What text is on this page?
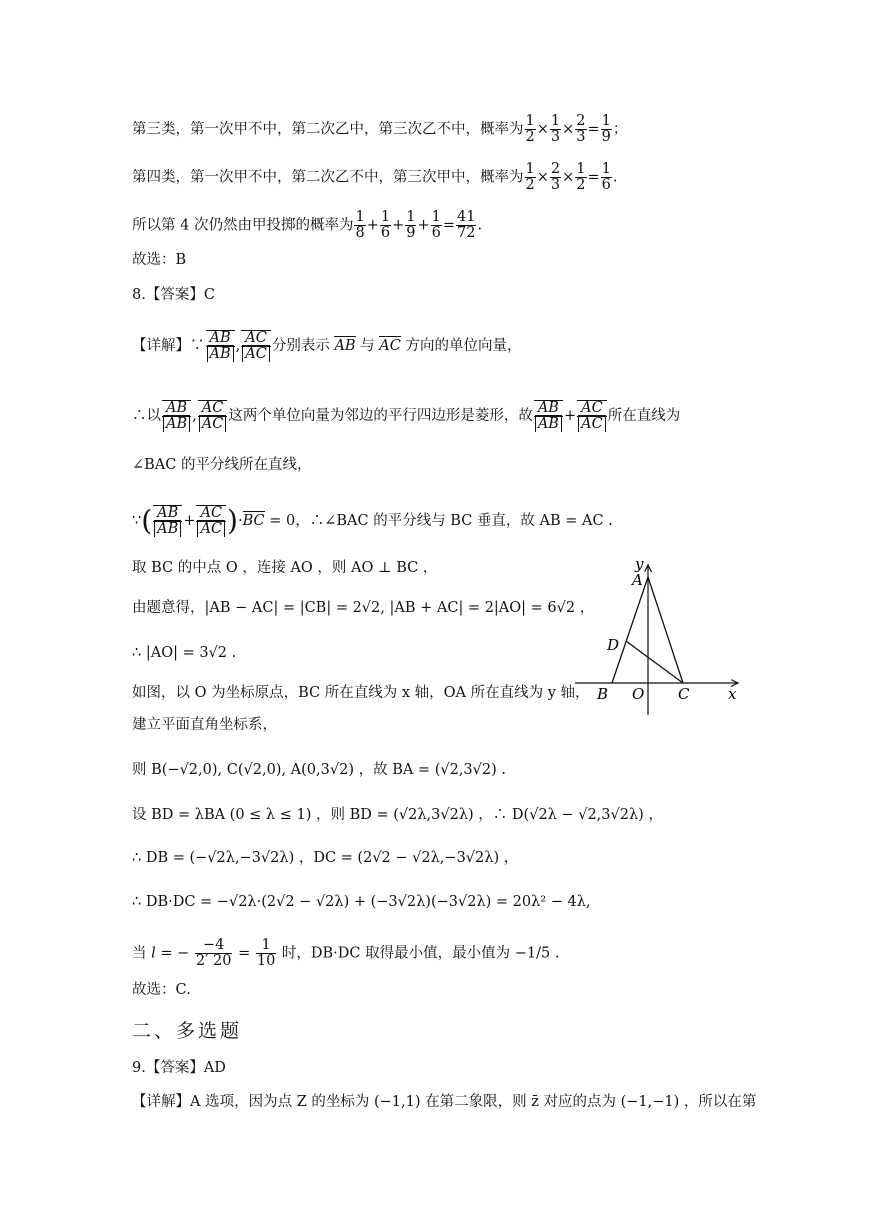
第三类，第一次甲不中，第二次乙中，第三次乙不中，概率为 $\frac{1}{2} \times \frac{1}{3} \times \frac{2}{3} = \frac{1}{9}$ ；
第四类，第一次甲不中，第二次乙不中，第三次甲中，概率为 $\frac{1}{2} \times \frac{2}{3} \times \frac{1}{2} = \frac{1}{6}$ .
所以第 4 次仍然由甲投掷的概率为 $\frac{1}{8} + \frac{1}{6} + \frac{1}{9} + \frac{1}{6} = \frac{41}{72}$ .
故选：B
8.【答案】C
【详解】∵ $\frac{AB}{AB}$ , $\frac{AC}{AC}$ 分别表示 AB 与 AC 方向的单位向量，
∴以 $\frac{AB}{AB}$ , $\frac{AC}{AC}$ 这两个单位向量为邻边的平行四边形是菱形，故 $\frac{AB}{AB} + \frac{AC}{AC}$ 所在直线为
∠BAC 的平分线所在直线，
∵( $\frac{AB}{AB} + \frac{AC}{AC} )\cdot BC = 0$，∴∠BAC 的平分线与 BC 垂直，故 AB = AC .
取 BC 的中点 O ，连接 AO ，则 AO ⊥ BC ，
由题意得，|AB − AC| = |CB| = 2√2, |AB + AC| = 2|AO| = 6√2 ，
∴ |AO| = 3√2 .
如图，以 O 为坐标原点，BC 所在直线为 x 轴，OA 所在直线为 y 轴，
建立平面直角坐标系，
则 B(−√2,0), C(√2,0), A(0,3√2) ，故 BA = (√2,3√2) .
设 BD = λBA (0 ≤ λ ≤ 1) ，则 BD = (√2λ,3√2λ) ，∴ D(√2λ − √2,3√2λ) ，
∴ DB = (−√2λ,−3√2λ) ，DC = (2√2 − √2λ,−3√2λ) ，
∴ DB·DC = −√2λ·(2√2 − √2λ) + (−3√2λ)(−3√2λ) = 20λ² − 4λ,
当 l = − $\frac{-4}{2' 20} = \frac{1}{10}$ 时，DB·DC 取得最小值，最小值为 −1/5 .
故选：C.
二、多选题
9.【答案】AD
【详解】A 选项，因为点 Z 的坐标为 (−1,1) 在第二象限，则 z̄ 对应的点为 (−1,−1) ，所以在第
y
A
D
B O C	x
